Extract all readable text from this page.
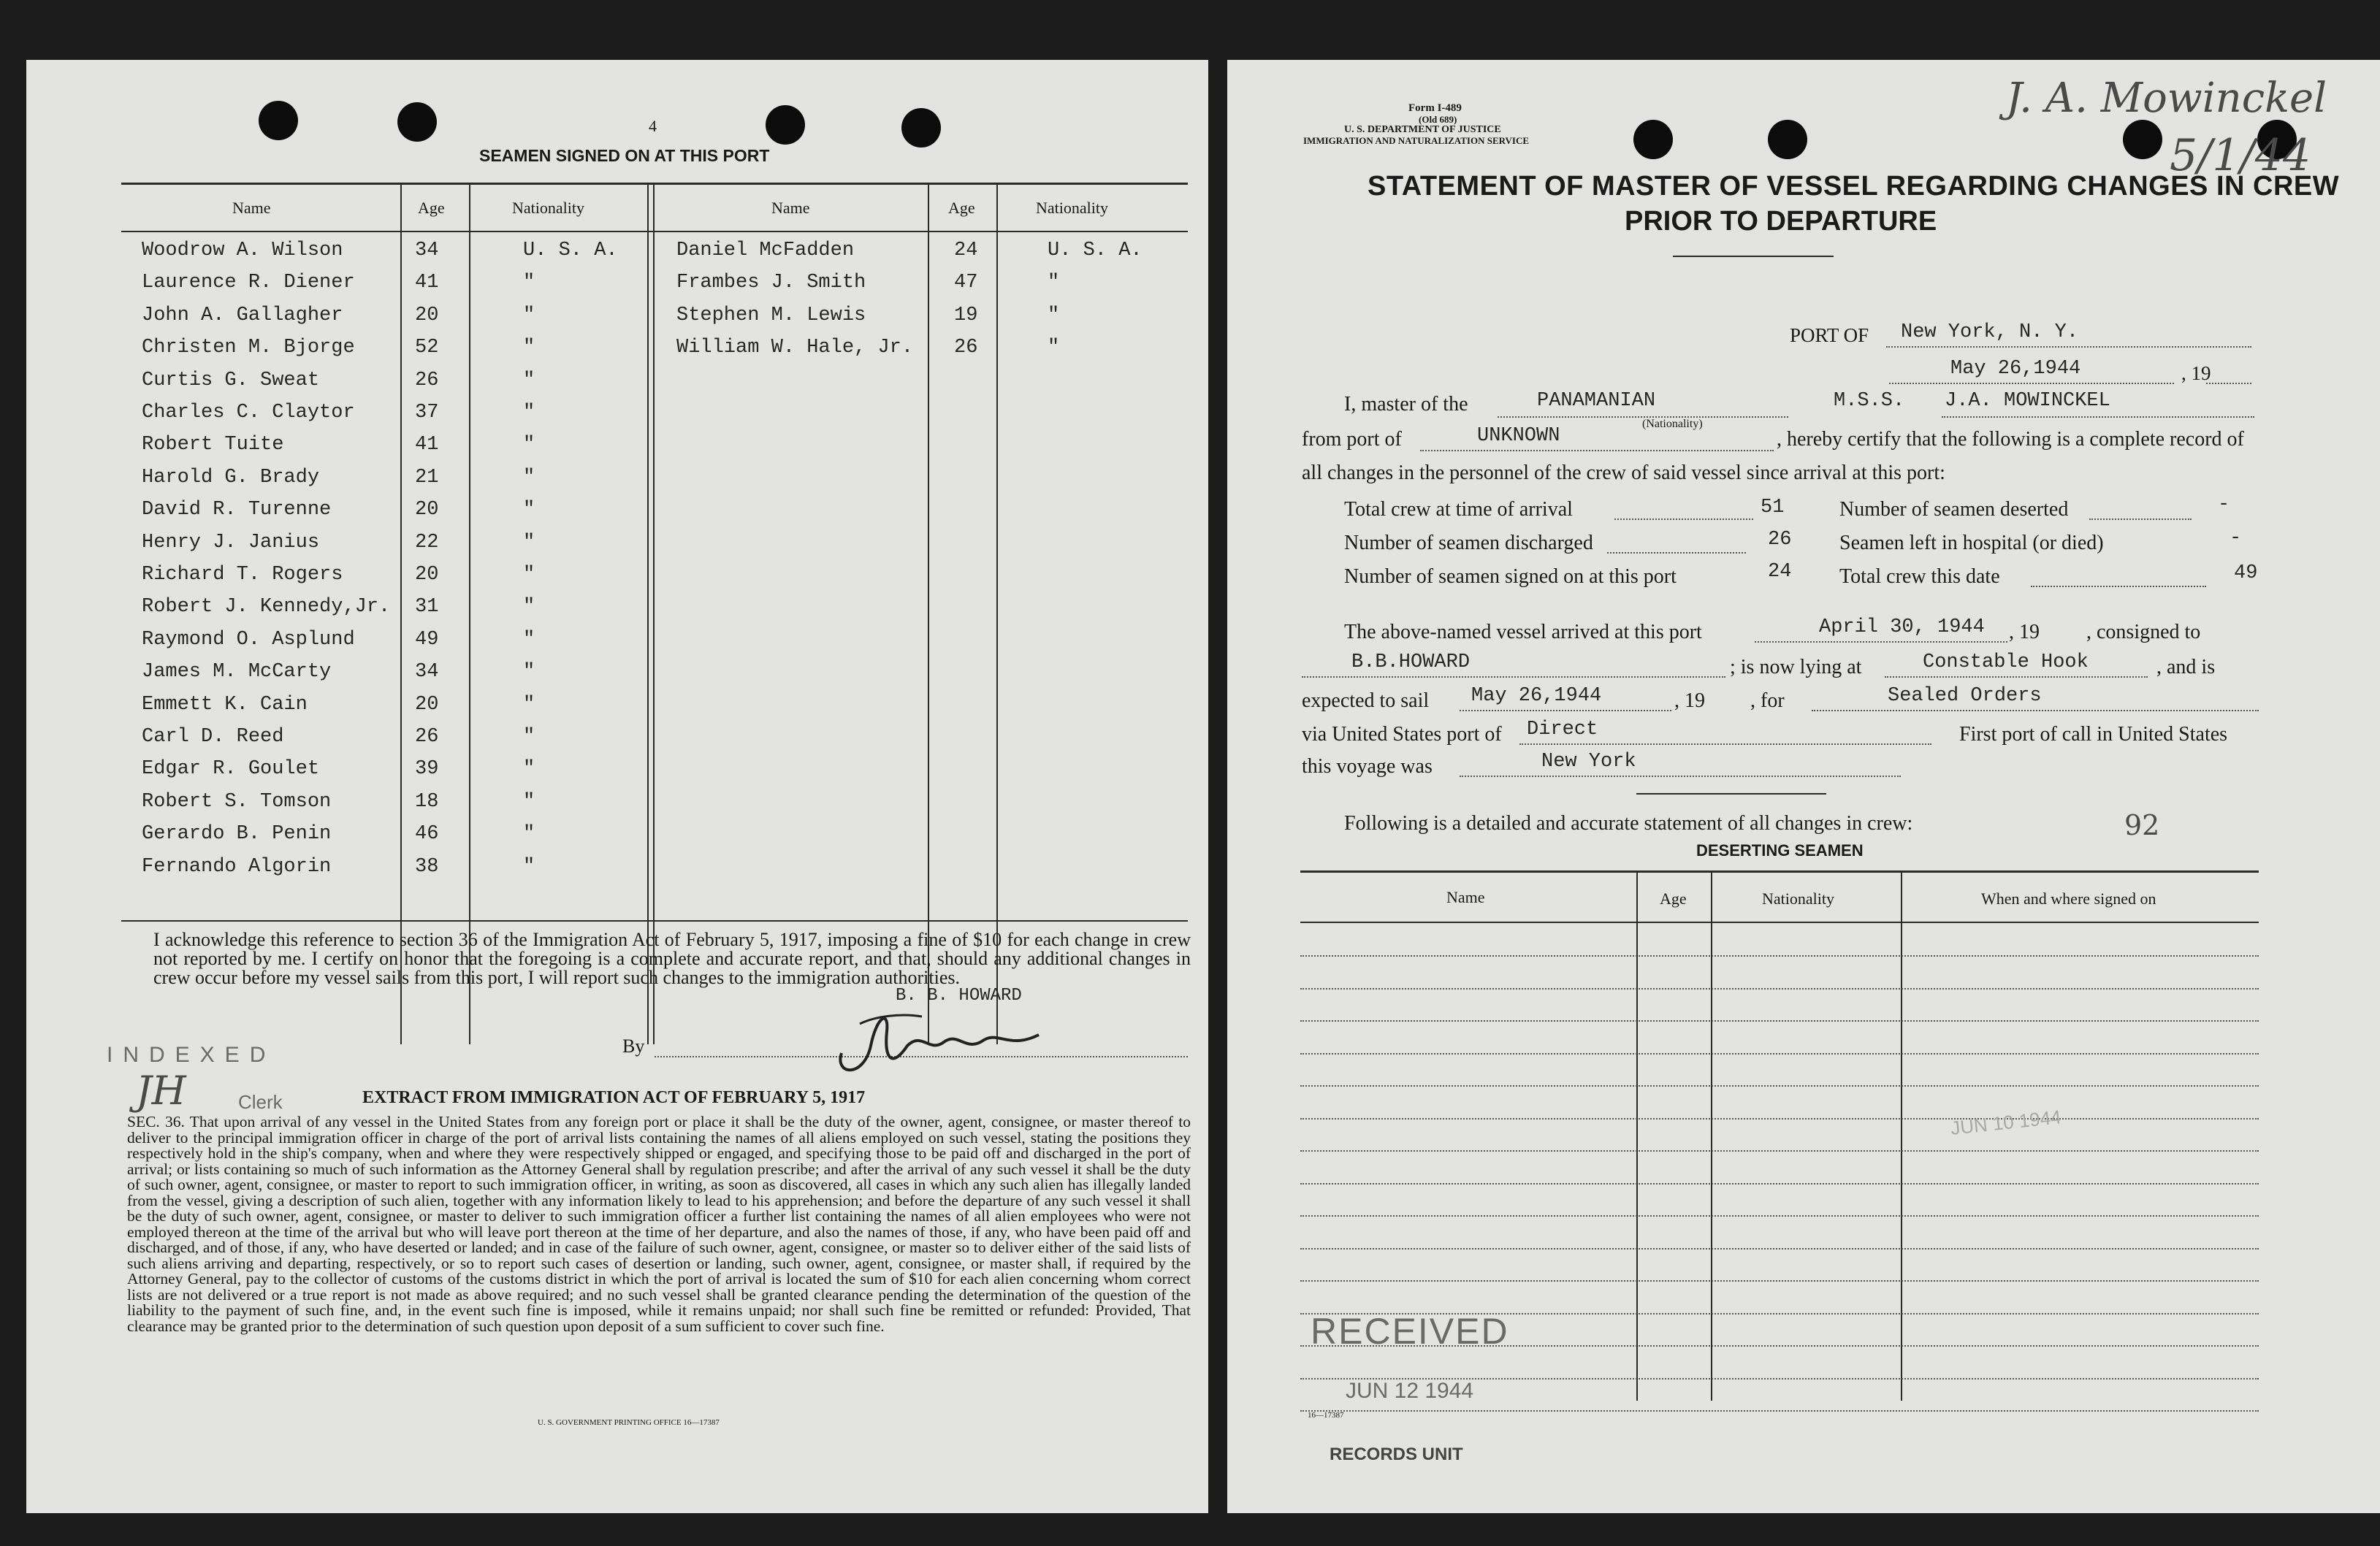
4
SEAMEN SIGNED ON AT THIS PORT
Name	Age	Nationality	Name	Age	Nationality
Woodrow A. Wilson	34	U. S. A.
Laurence R. Diener	41	"
John A. Gallagher	20	"
Christen M. Bjorge	52	"
Curtis G. Sweat	26	"
Charles C. Claytor	37	"
Robert Tuite	41	"
Harold G. Brady	21	"
David R. Turenne	20	"
Henry J. Janius	22	"
Richard T. Rogers	20	"
Robert J. Kennedy,Jr. 31	"
Raymond O. Asplund	49	"
James M. McCarty	34	"
Emmett K. Cain	20	"
Carl D. Reed	26	"
Edgar R. Goulet	39	"
Robert S. Tomson	18	"
Gerardo B. Penin	46	"
Fernando Algorin	38	"
Daniel McFadden	24	U. S. A.
Frambes J. Smith	47	"
Stephen M. Lewis	19	"
William W. Hale, Jr. 26	"
I acknowledge this reference to section 36 of the Immigration Act of February 5, 1917, imposing a fine of $10 for each change in crew not reported by me. I certify on honor that the foregoing is a complete and accurate report, and that, should any additional changes in crew occur before my vessel sails from this port, I will report such changes to the immigration authorities.
B. B. HOWARD
By
INDEXED
JH	Clerk	EXTRACT FROM IMMIGRATION ACT OF FEBRUARY 5, 1917
SEC. 36. That upon arrival of any vessel in the United States from any foreign port or place it shall be the duty of the owner, agent, consignee, or master thereof to deliver to the principal immigration officer in charge of the port of arrival lists containing the names of all aliens employed on such vessel, stating the positions they respectively hold in the ship's company, when and where they were respectively shipped or engaged, and specifying those to be paid off and discharged in the port of arrival; or lists containing so much of such information as the Attorney General shall by regulation prescribe; and after the arrival of any such vessel it shall be the duty of such owner, agent, consignee, or master to report to such immigration officer, in writing, as soon as discovered, all cases in which any such alien has illegally landed from the vessel, giving a description of such alien, together with any information likely to lead to his apprehension; and before the departure of any such vessel it shall be the duty of such owner, agent, consignee, or master to deliver to such immigration officer a further list containing the names of all alien employees who were not employed thereon at the time of the arrival but who will leave port thereon at the time of her departure, and also the names of those, if any, who have been paid off and discharged, and of those, if any, who have deserted or landed; and in case of the failure of such owner, agent, consignee, or master so to deliver either of the said lists of such aliens arriving and departing, respectively, or so to report such cases of desertion or landing, such owner, agent, consignee, or master shall, if required by the Attorney General, pay to the collector of customs of the customs district in which the port of arrival is located the sum of $10 for each alien concerning whom correct lists are not delivered or a true report is not made as above required; and no such vessel shall be granted clearance pending the determination of the question of the liability to the payment of such fine, and, in the event such fine is imposed, while it remains unpaid; nor shall such fine be remitted or refunded: Provided, That clearance may be granted prior to the determination of such question upon deposit of a sum sufficient to cover such fine.
U. S. GOVERNMENT PRINTING OFFICE 16—17387
Form I-489
(Old 689)
U. S. DEPARTMENT OF JUSTICE
IMMIGRATION AND NATURALIZATION SERVICE
J. A. Mowinckel
5/1/44
STATEMENT OF MASTER OF VESSEL REGARDING CHANGES IN CREW
PRIOR TO DEPARTURE
PORT OF New York, N. Y.
May 26,1944	, 19
I, master of the	PANAMANIAN
(Nationality)
M.S.S. J.A. MOWINCKEL
from port of	UNKNOWN	, hereby certify that the following is a complete record of
all changes in the personnel of the crew of said vessel since arrival at this port:
Total crew at time of arrival	51	Number of seamen deserted	-
Number of seamen discharged	26 Seamen left in hospital (or died)	-
Number of seamen signed on at this port	24 Total crew this date	49
The above-named vessel arrived at this port	April 30, 1944 , 19 , consigned to
B.B.HOWARD	; is now lying at	Constable Hook	, and is
expected to sail May 26,1944	, 19 , for	Sealed Orders
via United States port of Direct	First port of call in United States
this voyage was	New York
Following is a detailed and accurate statement of all changes in crew:	92
DESERTING SEAMEN
Name	Age	Nationality	When and where signed on
JUN 10 1944
RECEIVED
JUN 12 1944
16—17387
RECORDS UNIT
